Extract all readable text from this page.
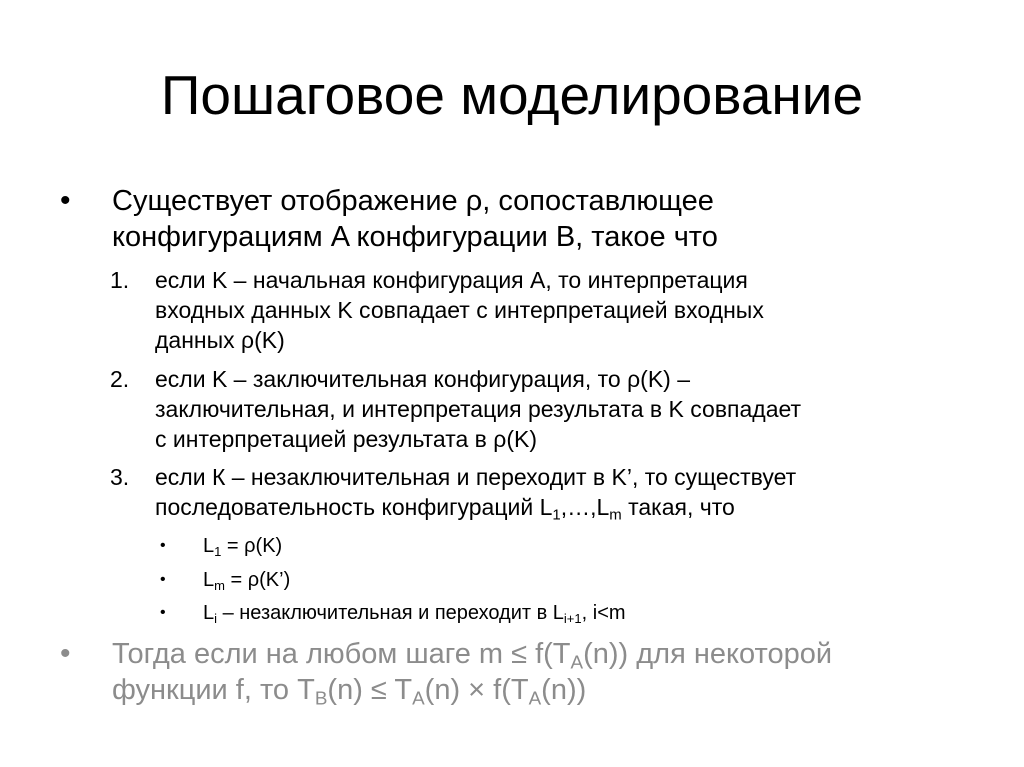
Пошаговое моделирование
•	Существует отображение ρ, сопоставлющее
конфигурациям A конфигурации B, такое что
1. если K – начальная конфигурация A, то интерпретация
входных данных K совпадает с интерпретацией входных
данных ρ(K)
2. если K – заключительная конфигурация, то ρ(K) –
заключительная, и интерпретация результата в K совпадает
с интерпретацией результата в ρ(K)
3. если К – незаключительная и переходит в K’, то существует
последовательность конфигураций $L_1,\dots,L_m$ такая, что
• $L_1 = \rho(K)$
• $L_m$ = ρ(K’)
• $L_i$ – незаключительная и переходит в $L_{i+1}$, i<m
•	Тогда если на любом шаге $m \le f(T_A(n))$ для некоторой
функции f, то $T_B(n) \le T_A(n) \times f(T_A(n))$
